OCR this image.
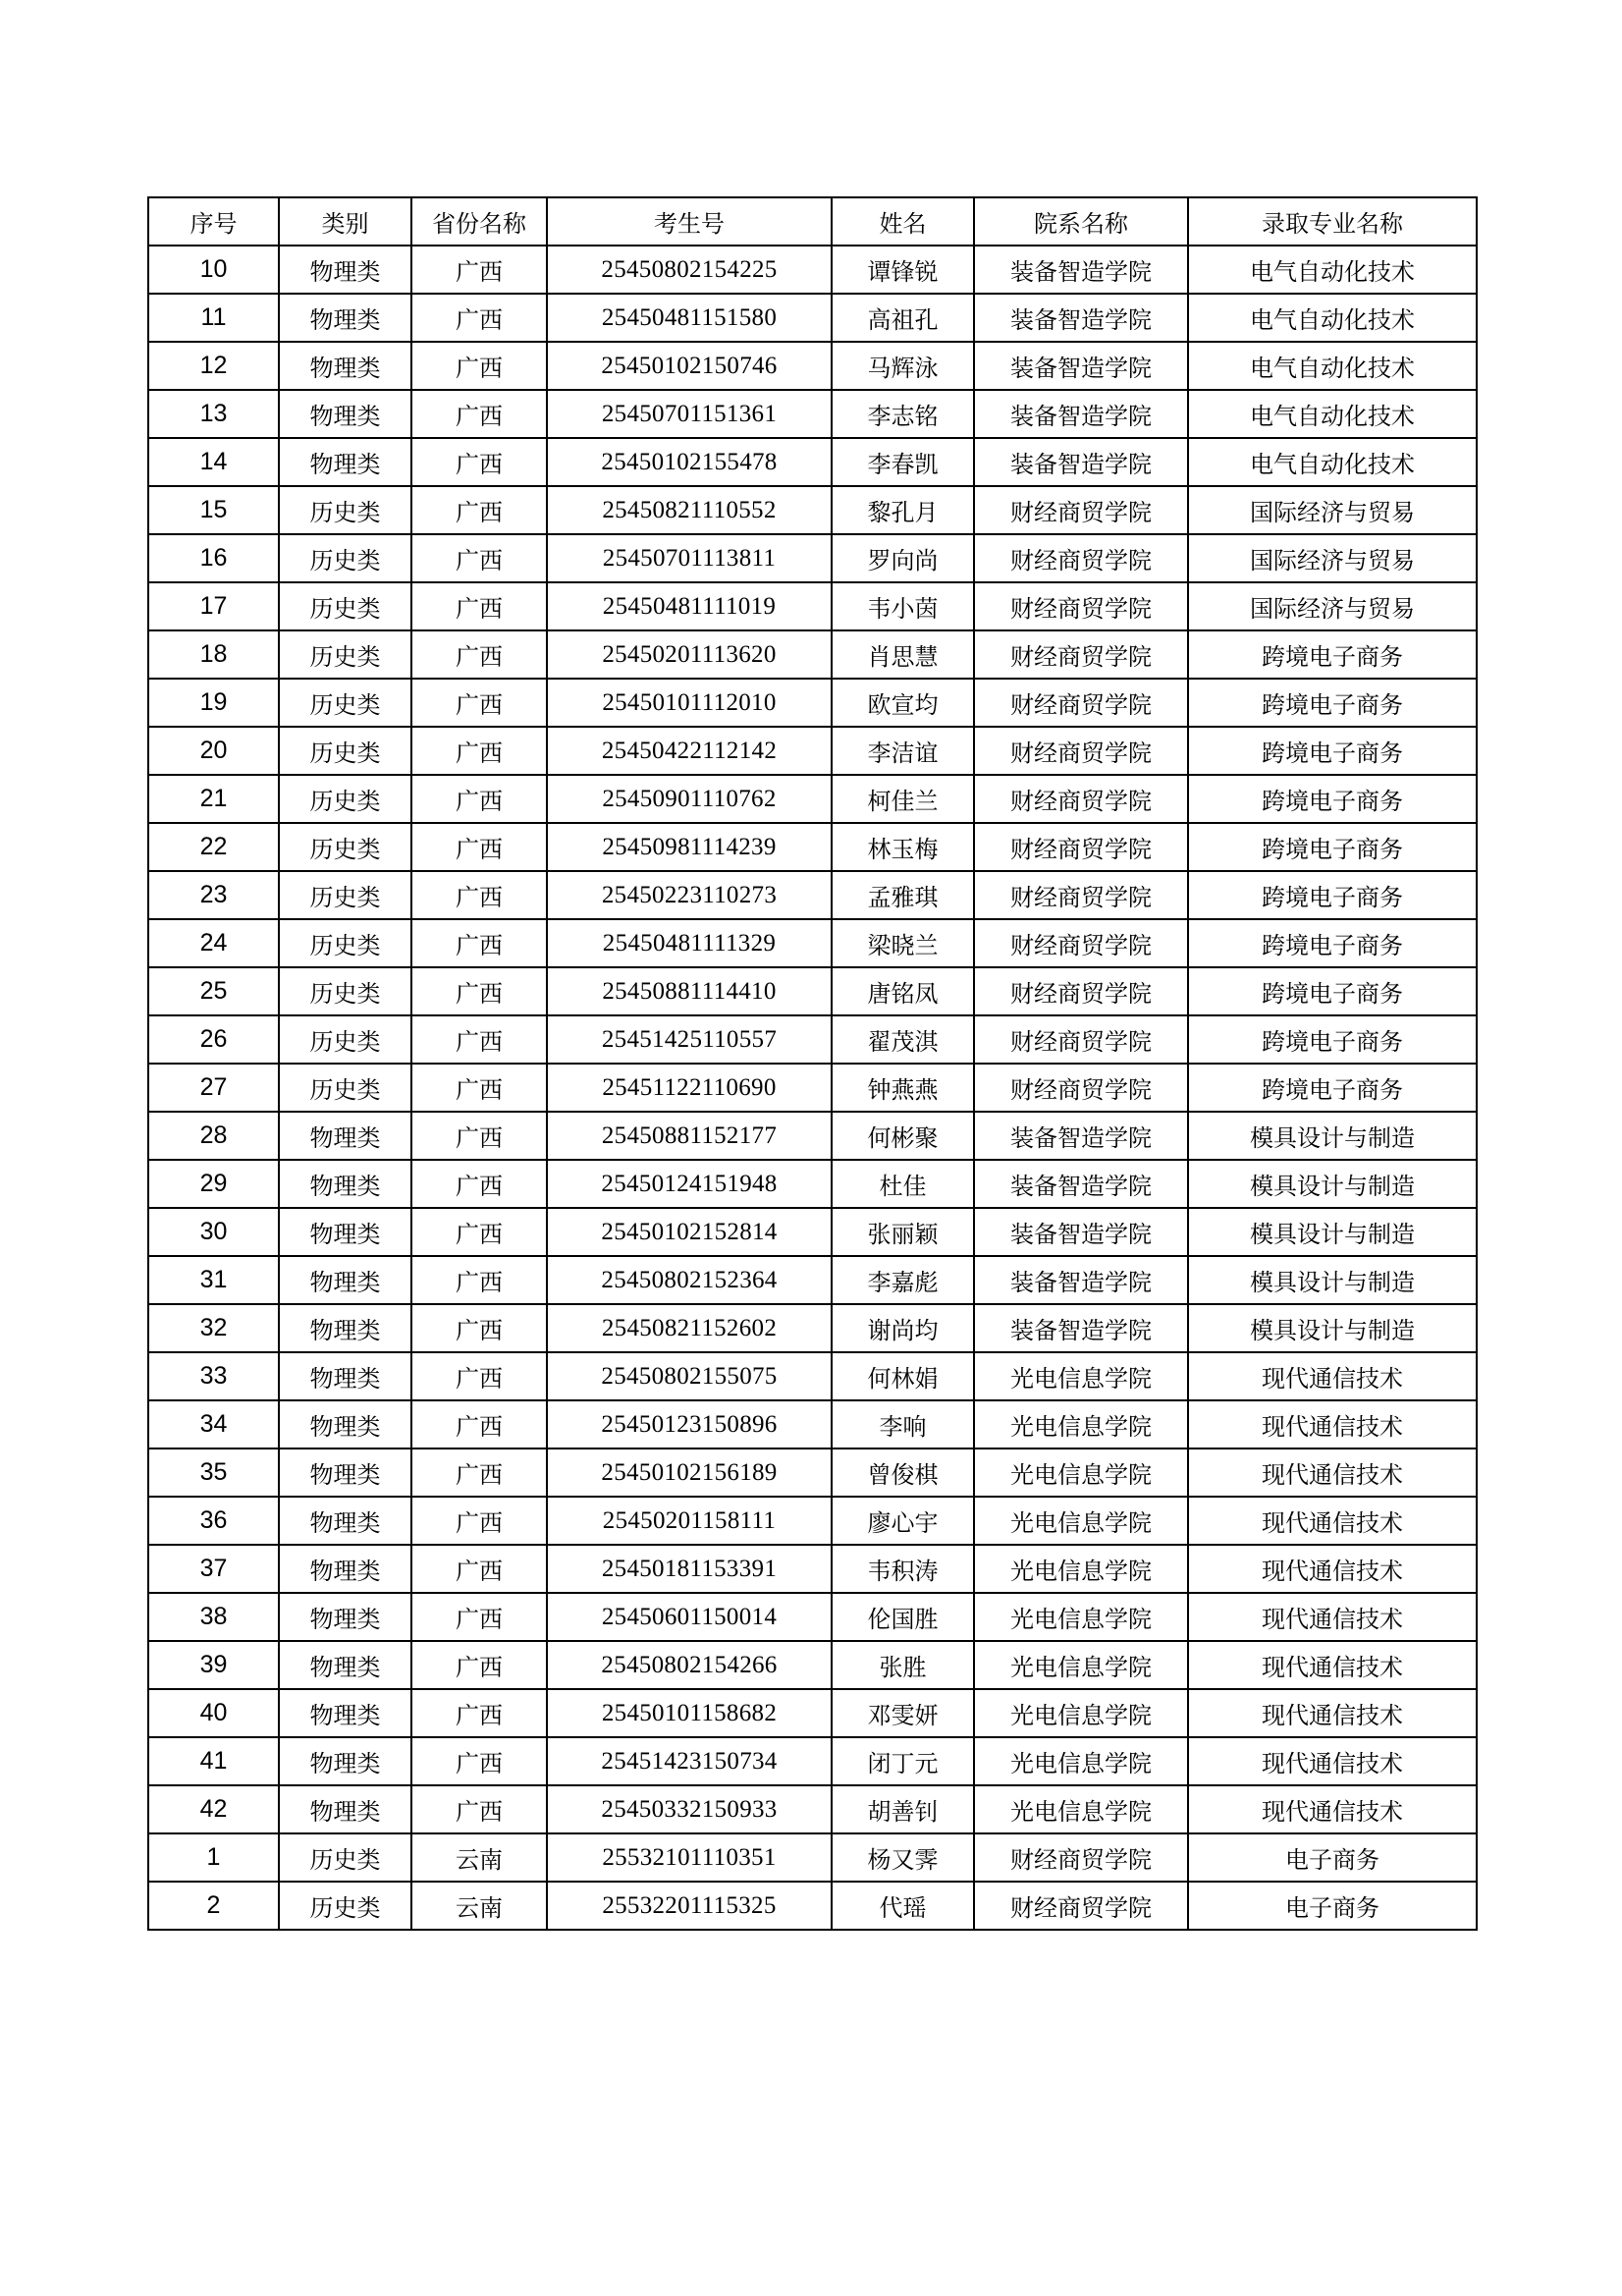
序号	类别	省份名称	考生号	姓名	院系名称	录取专业名称
10	物理类	广西	25450802154225	谭锋锐	装备智造学院	电气自动化技术
11	物理类	广西	25450481151580	高祖孔	装备智造学院	电气自动化技术
12	物理类	广西	25450102150746	马辉泳	装备智造学院	电气自动化技术
13	物理类	广西	25450701151361	李志铭	装备智造学院	电气自动化技术
14	物理类	广西	25450102155478	李春凯	装备智造学院	电气自动化技术
15	历史类	广西	25450821110552	黎孔月	财经商贸学院	国际经济与贸易
16	历史类	广西	25450701113811	罗向尚	财经商贸学院	国际经济与贸易
17	历史类	广西	25450481111019	韦小茵	财经商贸学院	国际经济与贸易
18	历史类	广西	25450201113620	肖思慧	财经商贸学院	跨境电子商务
19	历史类	广西	25450101112010	欧宣均	财经商贸学院	跨境电子商务
20	历史类	广西	25450422112142	李洁谊	财经商贸学院	跨境电子商务
21	历史类	广西	25450901110762	柯佳兰	财经商贸学院	跨境电子商务
22	历史类	广西	25450981114239	林玉梅	财经商贸学院	跨境电子商务
23	历史类	广西	25450223110273	孟雅琪	财经商贸学院	跨境电子商务
24	历史类	广西	25450481111329	梁晓兰	财经商贸学院	跨境电子商务
25	历史类	广西	25450881114410	唐铭凤	财经商贸学院	跨境电子商务
26	历史类	广西	25451425110557	翟茂淇	财经商贸学院	跨境电子商务
27	历史类	广西	25451122110690	钟燕燕	财经商贸学院	跨境电子商务
28	物理类	广西	25450881152177	何彬聚	装备智造学院	模具设计与制造
29	物理类	广西	25450124151948	杜佳	装备智造学院	模具设计与制造
30	物理类	广西	25450102152814	张丽颖	装备智造学院	模具设计与制造
31	物理类	广西	25450802152364	李嘉彪	装备智造学院	模具设计与制造
32	物理类	广西	25450821152602	谢尚均	装备智造学院	模具设计与制造
33	物理类	广西	25450802155075	何林娟	光电信息学院	现代通信技术
34	物理类	广西	25450123150896	李响	光电信息学院	现代通信技术
35	物理类	广西	25450102156189	曾俊棋	光电信息学院	现代通信技术
36	物理类	广西	25450201158111	廖心宇	光电信息学院	现代通信技术
37	物理类	广西	25450181153391	韦积涛	光电信息学院	现代通信技术
38	物理类	广西	25450601150014	伦国胜	光电信息学院	现代通信技术
39	物理类	广西	25450802154266	张胜	光电信息学院	现代通信技术
40	物理类	广西	25450101158682	邓雯妍	光电信息学院	现代通信技术
41	物理类	广西	25451423150734	闭丁元	光电信息学院	现代通信技术
42	物理类	广西	25450332150933	胡善钊	光电信息学院	现代通信技术
1	历史类	云南	25532101110351	杨又霁	财经商贸学院	电子商务
2	历史类	云南	25532201115325	代瑶	财经商贸学院	电子商务
